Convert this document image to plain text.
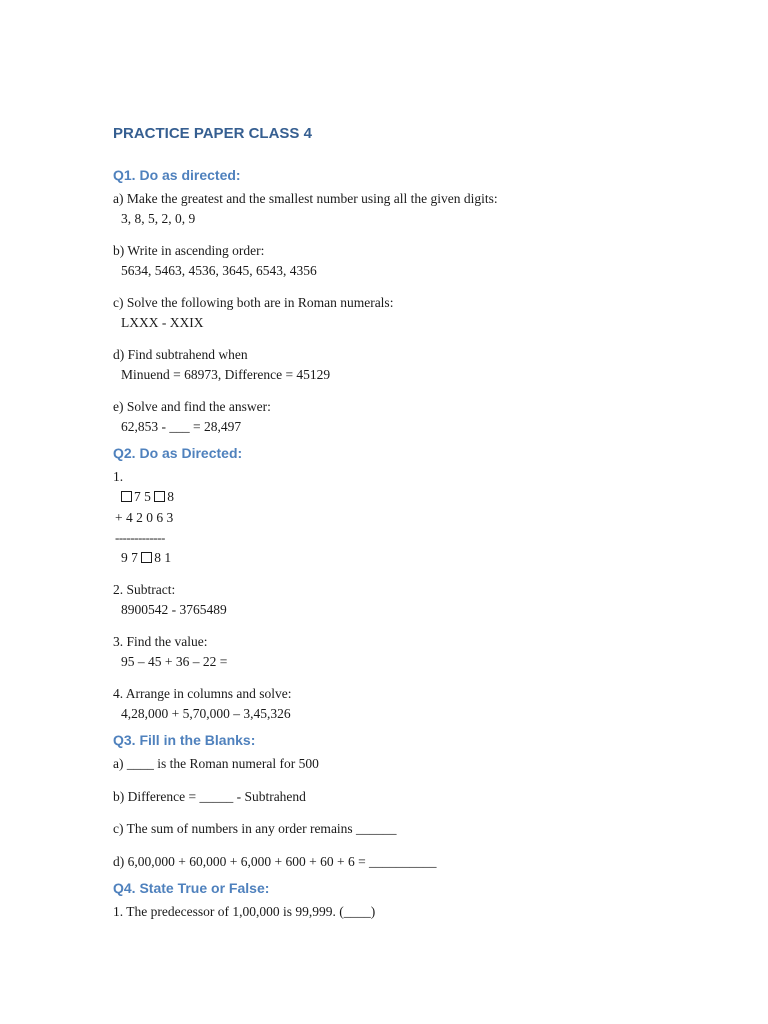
PRACTICE PAPER CLASS 4
Q1. Do as directed:
a) Make the greatest and the smallest number using all the given digits:
3, 8, 5, 2, 0, 9
b) Write in ascending order:
5634, 5463, 4536, 3645, 6543, 4356
c) Solve the following both are in Roman numerals:
LXXX - XXIX
d) Find subtrahend when
Minuend = 68973, Difference = 45129
e) Solve and find the answer:
62,853 - ___ = 28,497
Q2. Do as Directed:
1.
7 5 8
+ 4 2 0 6 3
-------------
9 7 8 1
2. Subtract:
8900542 - 3765489
3. Find the value:
95 – 45 + 36 – 22 =
4. Arrange in columns and solve:
4,28,000 + 5,70,000 – 3,45,326
Q3. Fill in the Blanks:
a) ____ is the Roman numeral for 500
b) Difference = _____ - Subtrahend
c) The sum of numbers in any order remains ______
d) 6,00,000 + 60,000 + 6,000 + 600 + 60 + 6 = __________
Q4. State True or False:
1. The predecessor of 1,00,000 is 99,999. (____)
